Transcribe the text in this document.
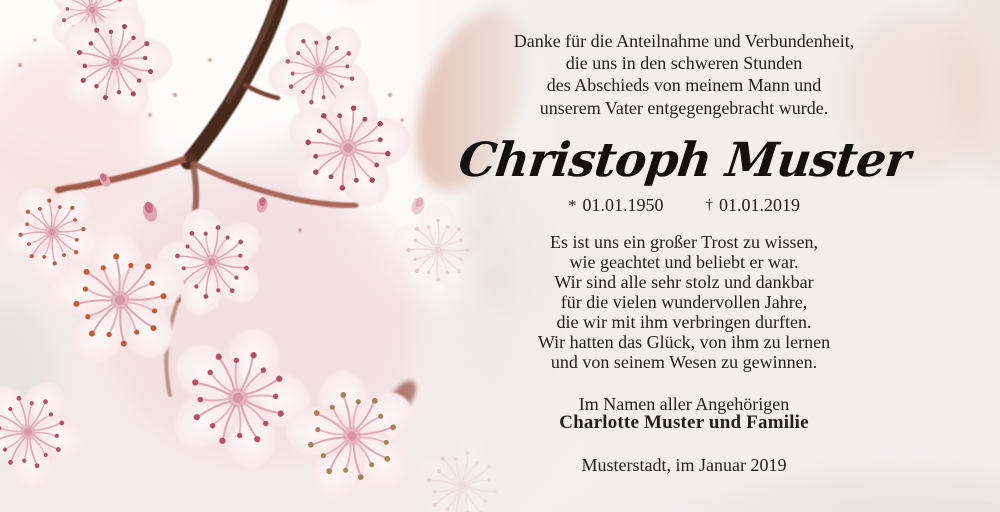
Danke für die Anteilnahme und Verbundenheit,
die uns in den schweren Stunden
des Abschieds von meinem Mann und
unserem Vater entgegengebracht wurde.
Christoph Muster
* 01.01.1950	† 01.01.2019
Es ist uns ein großer Trost zu wissen,
wie geachtet und beliebt er war.
Wir sind alle sehr stolz und dankbar
für die vielen wundervollen Jahre,
die wir mit ihm verbringen durften.
Wir hatten das Glück, von ihm zu lernen
und von seinem Wesen zu gewinnen.
Im Namen aller Angehörigen
Charlotte Muster und Familie
Musterstadt, im Januar 2019
